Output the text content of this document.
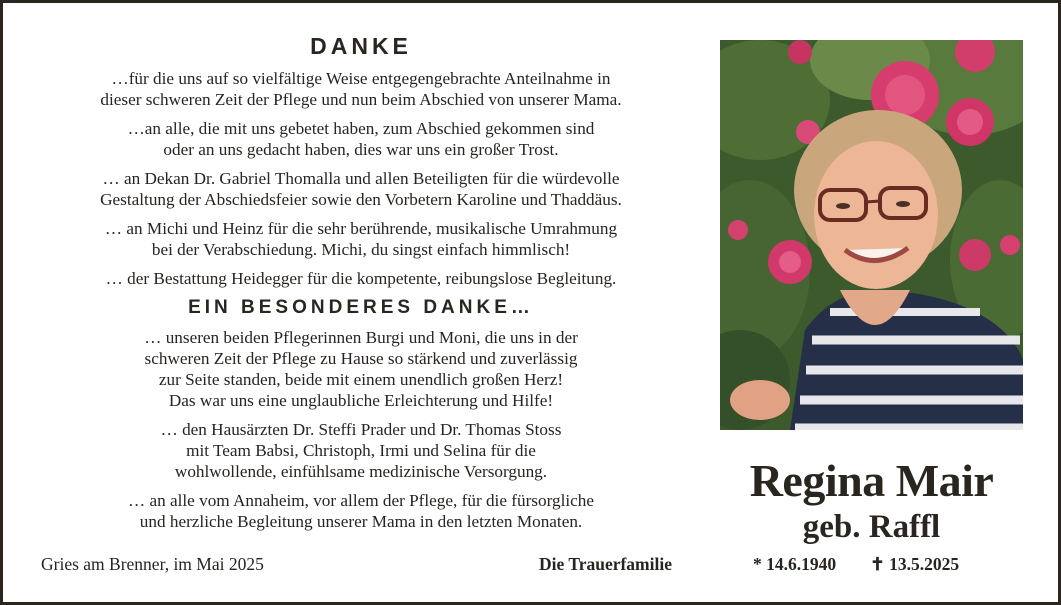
DANKE

…für die uns auf so vielfältige Weise entgegengebrachte Anteilnahme in
dieser schweren Zeit der Pflege und nun beim Abschied von unserer Mama.

…an alle, die mit uns gebetet haben, zum Abschied gekommen sind
oder an uns gedacht haben, dies war uns ein großer Trost.

… an Dekan Dr. Gabriel Thomalla und allen Beteiligten für die würdevolle
Gestaltung der Abschiedsfeier sowie den Vorbetern Karoline und Thaddäus.

… an Michi und Heinz für die sehr berührende, musikalische Umrahmung
bei der Verabschiedung. Michi, du singst einfach himmlisch!

… der Bestattung Heidegger für die kompetente, reibungslose Begleitung.

EIN BESONDERES DANKE…

… unseren beiden Pflegerinnen Burgi und Moni, die uns in der
schweren Zeit der Pflege zu Hause so stärkend und zuverlässig
zur Seite standen, beide mit einem unendlich großen Herz!
Das war uns eine unglaubliche Erleichterung und Hilfe!

… den Hausärzten Dr. Steffi Prader und Dr. Thomas Stoss
mit Team Babsi, Christoph, Irmi und Selina für die
wohlwollende, einfühlsame medizinische Versorgung.

… an alle vom Annaheim, vor allem der Pflege, für die fürsorgliche
und herzliche Begleitung unserer Mama in den letzten Monaten.

Regina Mair

geb. Raffl

Gries am Brenner, im Mai 2025	Die Trauerfamilie	* 14.6.1940 ✝ 13.5.2025
